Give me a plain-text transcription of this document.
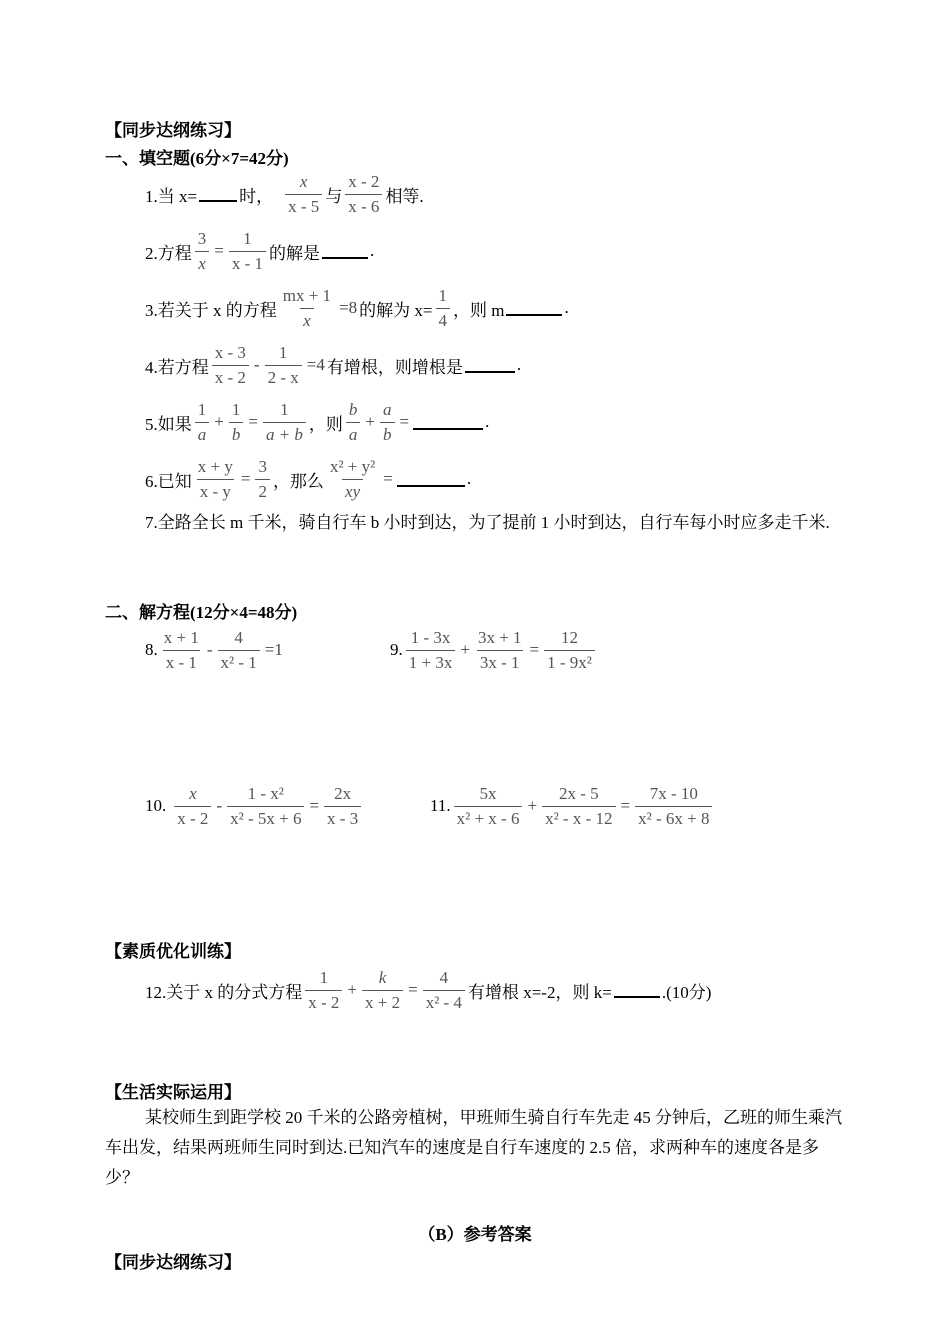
【同步达纲练习】
一、填空题(6分×7=42分)
1.当 x= 时， $\frac{x}{x - 5}$ 与 $\frac{x - 2}{x - 6}$ 相等.
2.方程 $\frac{3}{x} = \frac{1}{x - 1}$ 的解是	.
3.若关于 x 的方程 $\frac{mx + 1}{x} =8$ 的解为 $x= \frac{1}{4}$ ，则 m	.
4.若方程 $\frac{x - 3}{x - 2} - \frac{1}{2 - x} =4$ 有增根，则增根是	.
5.如果 $\frac{1}{a} + \frac{1}{b} = \frac{1}{a + b}$ ，则 $\frac{b}{a} + \frac{a}{b}$ =	.
6.已知 $\frac{x + y}{x - y} = \frac{3}{2}$ ，那么 $\frac{\text{x² + y²}}{xy}$ =	.
7.全路全长 m 千米，骑自行车 b 小时到达，为了提前 1 小时到达，自行车每小时应多走千米.
二、解方程(12分×4=48分)
8. $\frac{x + 1}{x - 1} - \frac{4}{\text{x² - 1}} =1$	9. $\frac{1 - 3x}{1 + 3x} + \frac{3x + 1}{3x - 1} = \frac{12}{\text{1 - 9x²}}$
10. $\frac{x}{x - 2} - \frac{\text{1 - x²}}{\text{x² - 5x + 6}} = \frac{2x}{x - 3}$	11. $\frac{5x}{\text{x² + x - 6}} + \frac{2x - 5}{\text{x² - x - 12}} = \frac{7x - 10}{\text{x² - 6x + 8}}$
【素质优化训练】
12.关于 x 的分式方程 $\frac{1}{x - 2} + \frac{k}{x + 2} = \frac{4}{\text{x² - 4}}$ 有增根 x=-2，则 k=	.(10分)
【生活实际运用】
某校师生到距学校 20 千米的公路旁植树，甲班师生骑自行车先走 45 分钟后，乙班的师生乘汽车出发，结果两班师生同时到达.已知汽车的速度是自行车速度的 2.5 倍，求两种车的速度各是多少？
（B）参考答案
【同步达纲练习】
